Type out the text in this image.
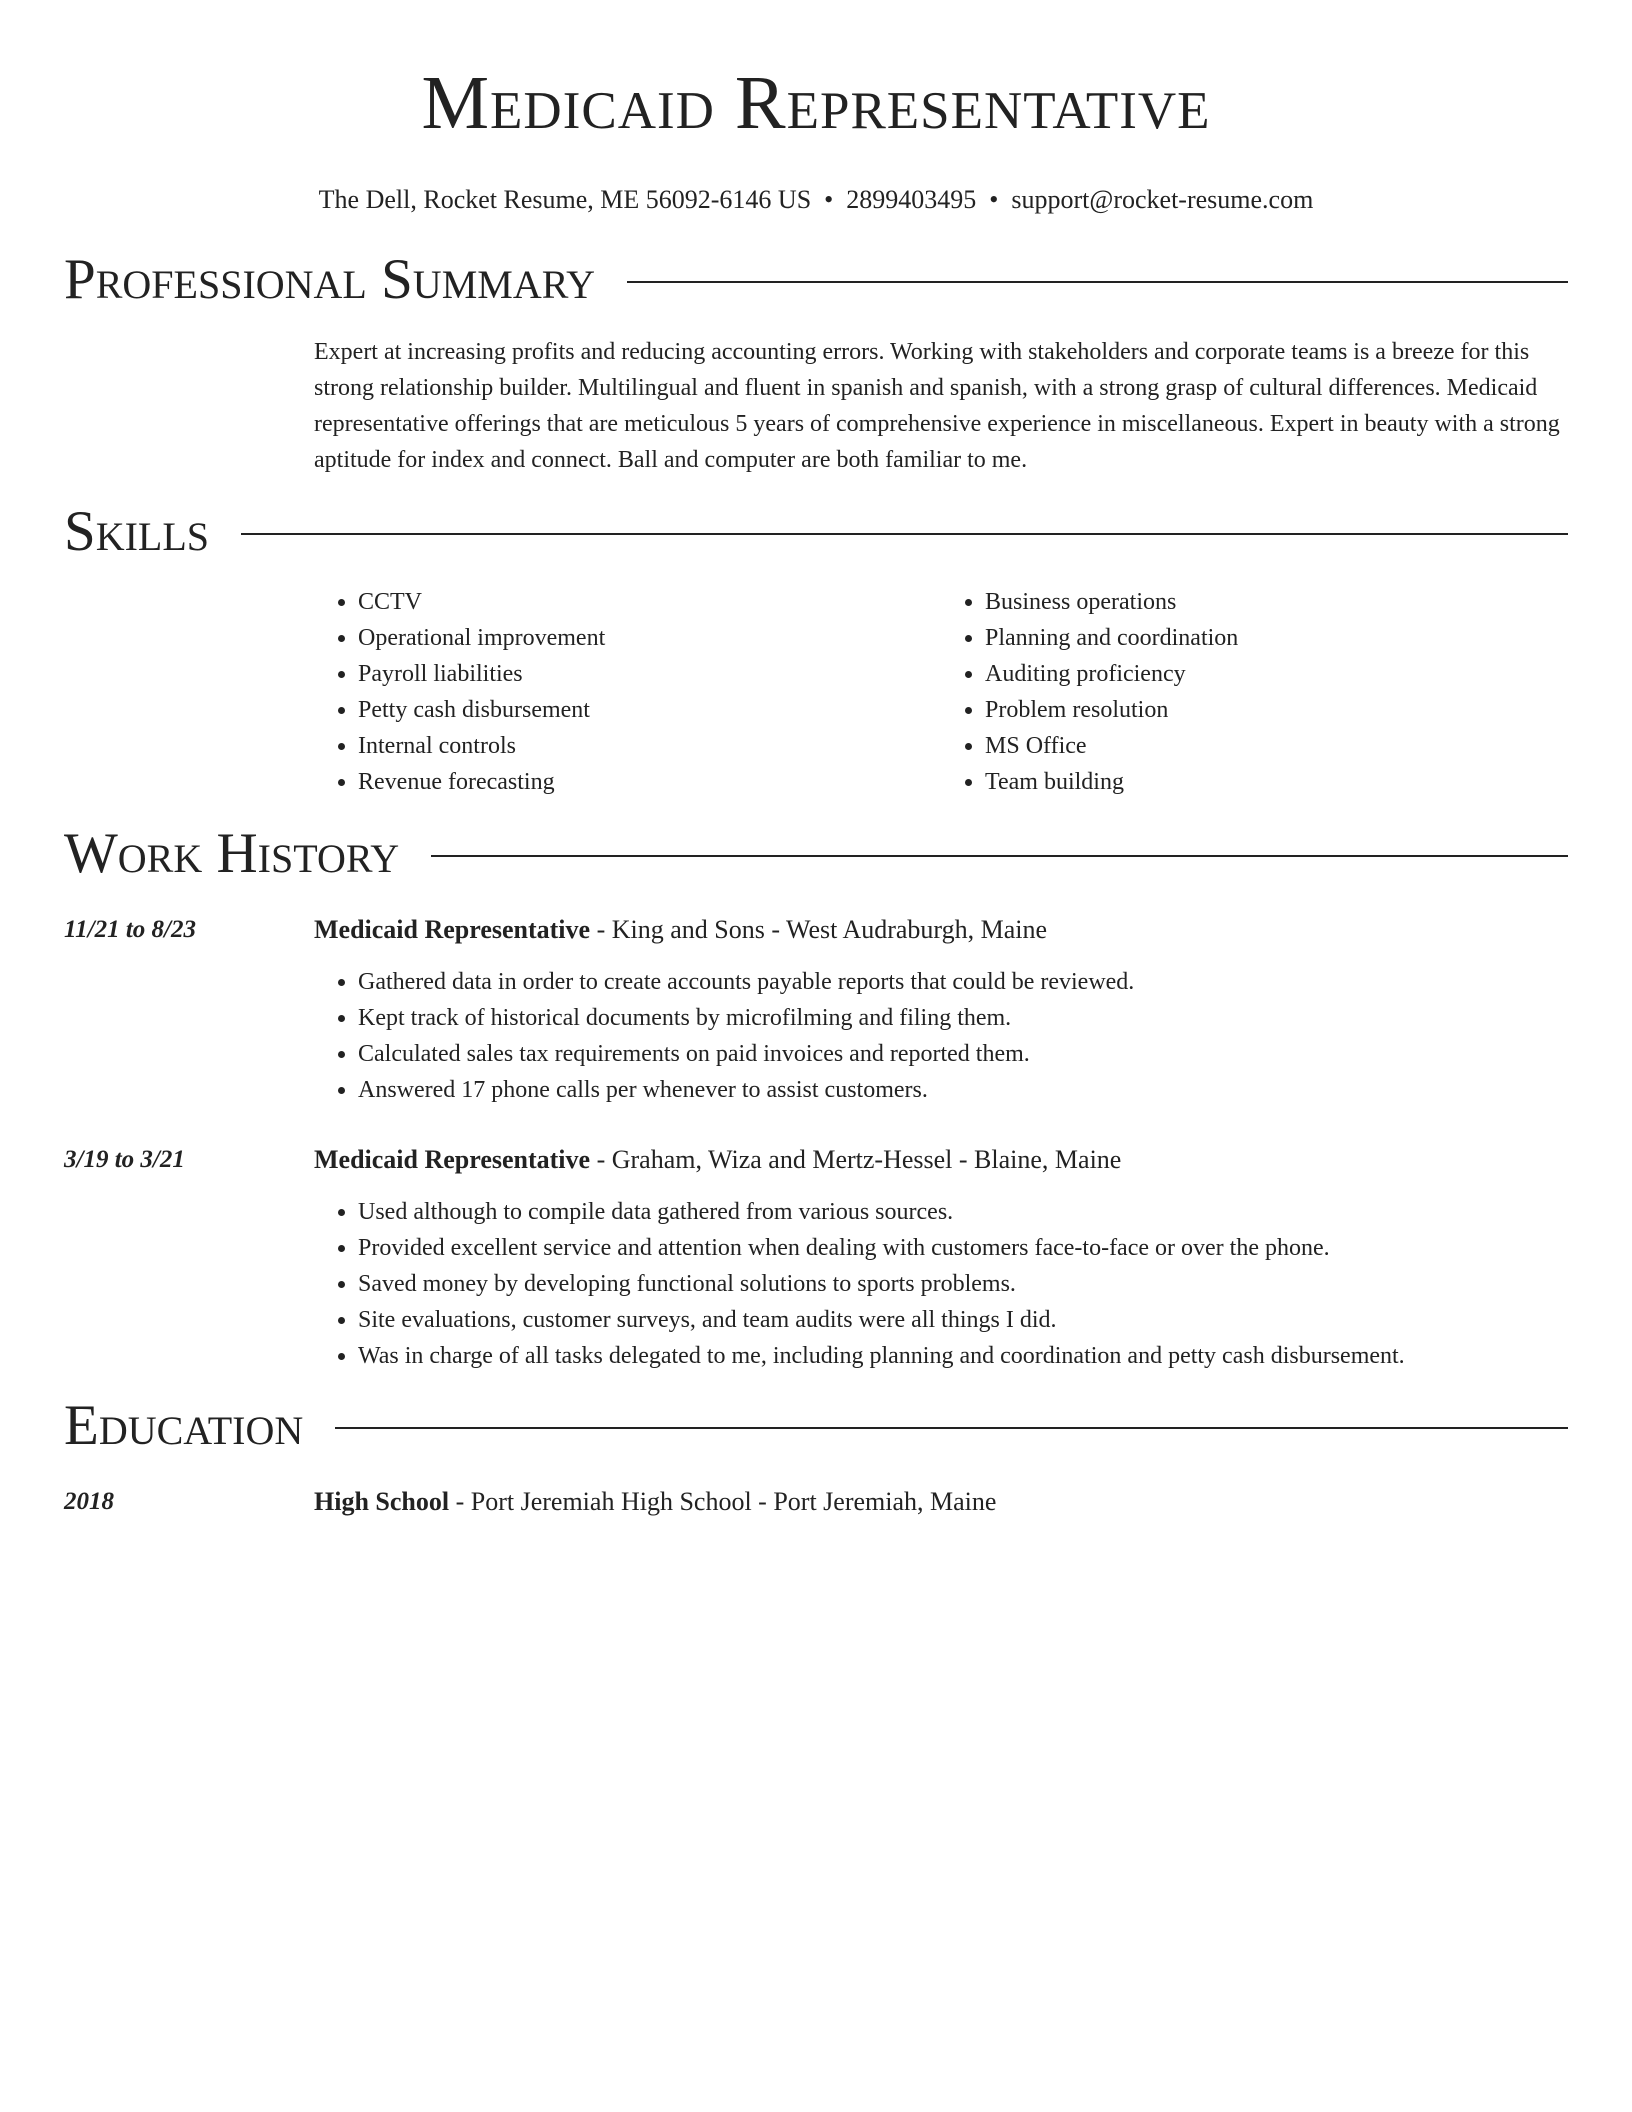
Medicaid Representative
The Dell, Rocket Resume, ME 56092-6146 US • 2899403495 • support@rocket-resume.com
Professional Summary

Expert at increasing profits and reducing accounting errors. Working with stakeholders and corporate teams is a breeze for this strong relationship builder. Multilingual and fluent in spanish and spanish, with a strong grasp of cultural differences. Medicaid representative offerings that are meticulous 5 years of comprehensive experience in miscellaneous. Expert in beauty with a strong aptitude for index and connect. Ball and computer are both familiar to me.

Skills
• CCTV
• Operational improvement
• Payroll liabilities
• Petty cash disbursement
• Internal controls
• Revenue forecasting
• Business operations
• Planning and coordination
• Auditing proficiency
• Problem resolution
• MS Office
• Team building
Work History
11/21 to 8/23	Medicaid Representative - King and Sons - West Audraburgh, Maine
• Gathered data in order to create accounts payable reports that could be reviewed.
• Kept track of historical documents by microfilming and filing them.
• Calculated sales tax requirements on paid invoices and reported them.
• Answered 17 phone calls per whenever to assist customers.
3/19 to 3/21	Medicaid Representative - Graham, Wiza and Mertz-Hessel - Blaine, Maine
• Used although to compile data gathered from various sources.
• Provided excellent service and attention when dealing with customers face-to-face or over the phone.
• Saved money by developing functional solutions to sports problems.
• Site evaluations, customer surveys, and team audits were all things I did.
• Was in charge of all tasks delegated to me, including planning and coordination and petty cash disbursement.
Education
2018	High School - Port Jeremiah High School - Port Jeremiah, Maine
